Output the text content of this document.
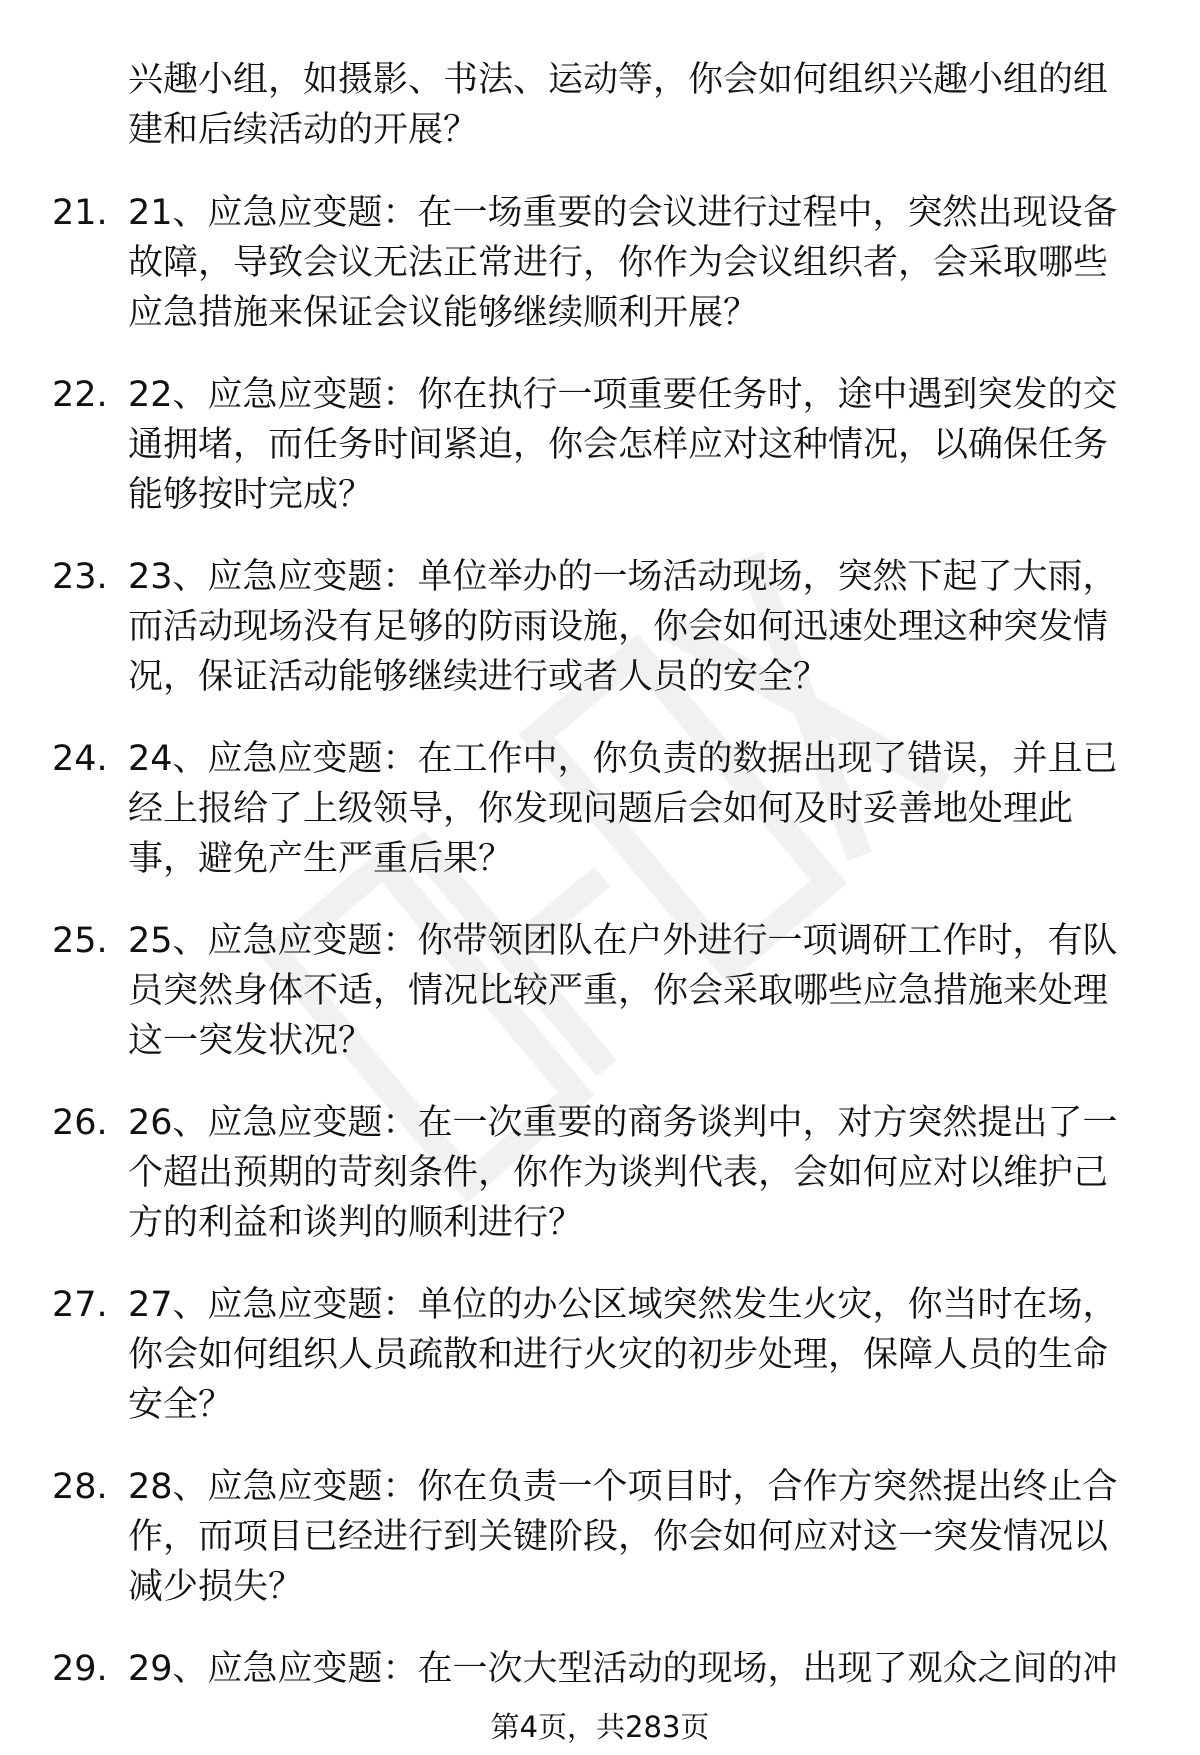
兴趣小组，如摄影、书法、运动等，你会如何组织兴趣小组的组建和后续活动的开展？

21. 21、应急应变题：在一场重要的会议进行过程中，突然出现设备故障，导致会议无法正常进行，你作为会议组织者，会采取哪些应急措施来保证会议能够继续顺利开展？

22. 22、应急应变题：你在执行一项重要任务时，途中遇到突发的交通拥堵，而任务时间紧迫，你会怎样应对这种情况，以确保任务能够按时完成？

23. 23、应急应变题：单位举办的一场活动现场，突然下起了大雨，而活动现场没有足够的防雨设施，你会如何迅速处理这种突发情况，保证活动能够继续进行或者人员的安全？

24. 24、应急应变题：在工作中，你负责的数据出现了错误，并且已经上报给了上级领导，你发现问题后会如何及时妥善地处理此事，避免产生严重后果？

25. 25、应急应变题：你带领团队在户外进行一项调研工作时，有队员突然身体不适，情况比较严重，你会采取哪些应急措施来处理这一突发状况？

26. 26、应急应变题：在一次重要的商务谈判中，对方突然提出了一个超出预期的苛刻条件，你作为谈判代表，会如何应对以维护己方的利益和谈判的顺利进行？

27. 27、应急应变题：单位的办公区域突然发生火灾，你当时在场，你会如何组织人员疏散和进行火灾的初步处理，保障人员的生命安全？

28. 28、应急应变题：你在负责一个项目时，合作方突然提出终止合作，而项目已经进行到关键阶段，你会如何应对这一突发情况以减少损失？

29. 29、应急应变题：在一次大型活动的现场，出现了观众之间的冲

第4页，共283页
